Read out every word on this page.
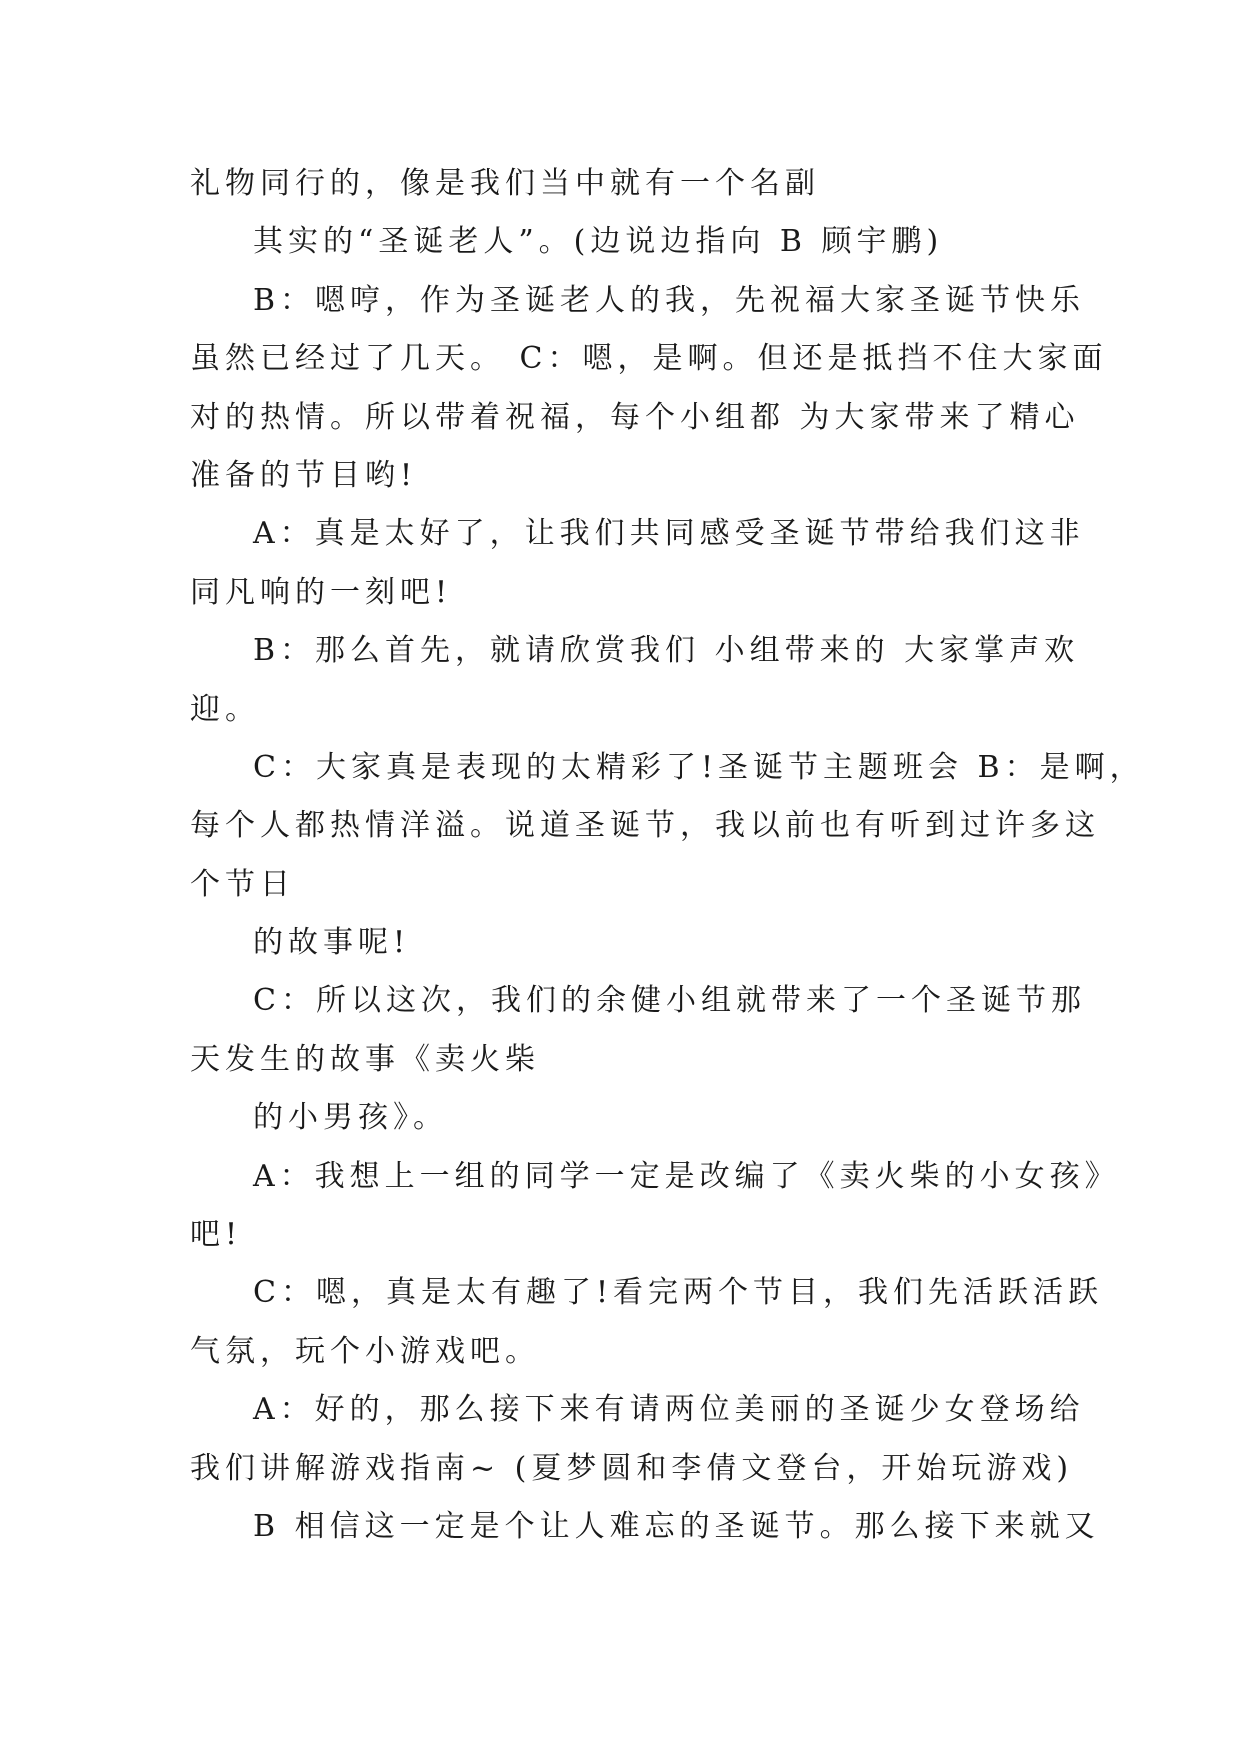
礼物同行的，像是我们当中就有一个名副
其实的“圣诞老人”。(边说边指向 B 顾宇鹏)
B：嗯哼，作为圣诞老人的我，先祝福大家圣诞节快乐
虽然已经过了几天。 C：嗯，是啊。但还是抵挡不住大家面
对的热情。所以带着祝福，每个小组都 为大家带来了精心
准备的节目哟!
A：真是太好了，让我们共同感受圣诞节带给我们这非
同凡响的一刻吧!
B：那么首先，就请欣赏我们 小组带来的 大家掌声欢
迎。
C：大家真是表现的太精彩了!圣诞节主题班会 B：是啊，
每个人都热情洋溢。说道圣诞节，我以前也有听到过许多这
个节日
的故事呢!
C：所以这次，我们的余健小组就带来了一个圣诞节那
天发生的故事《卖火柴
的小男孩》。
A：我想上一组的同学一定是改编了《卖火柴的小女孩》
吧!
C：嗯，真是太有趣了!看完两个节目，我们先活跃活跃
气氛，玩个小游戏吧。
A：好的，那么接下来有请两位美丽的圣诞少女登场给
我们讲解游戏指南~ (夏梦圆和李倩文登台，开始玩游戏)
B 相信这一定是个让人难忘的圣诞节。那么接下来就又
